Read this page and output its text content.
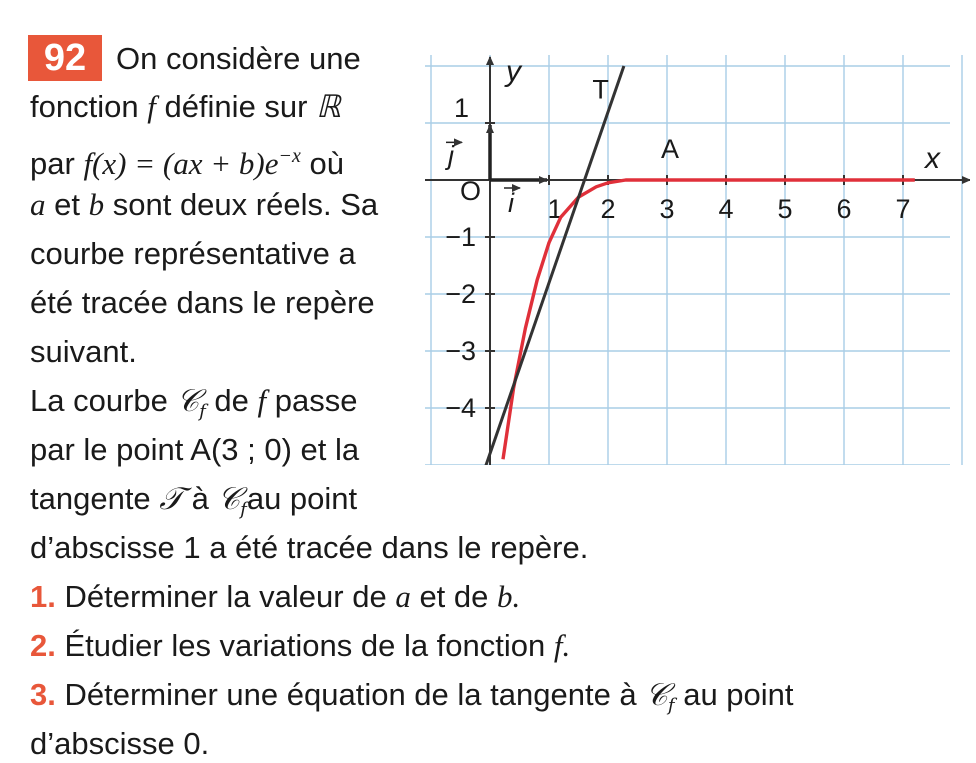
92 On considère une
fonction f définie sur ℝ
par $f(x) = (ax + b)e^{-x}$ où
a et b sont deux réels. Sa
courbe représentative a
été tracée dans le repère
suivant.
La courbe 𝒞$_f$ de f passe
par le point A(3 ; 0) et la
tangente 𝒯 à 𝒞$_f$au point
d’abscisse 1 a été tracée dans le repère.
1. Déterminer la valeur de a et de b.
2. Étudier les variations de la fonction f.
3. Déterminer une équation de la tangente à 𝒞$_f$ au point
d’abscisse 0.
1 2 3 4 5 6 7
1
−1
−2
−3
−4
O
x
y
i
j	A
T
